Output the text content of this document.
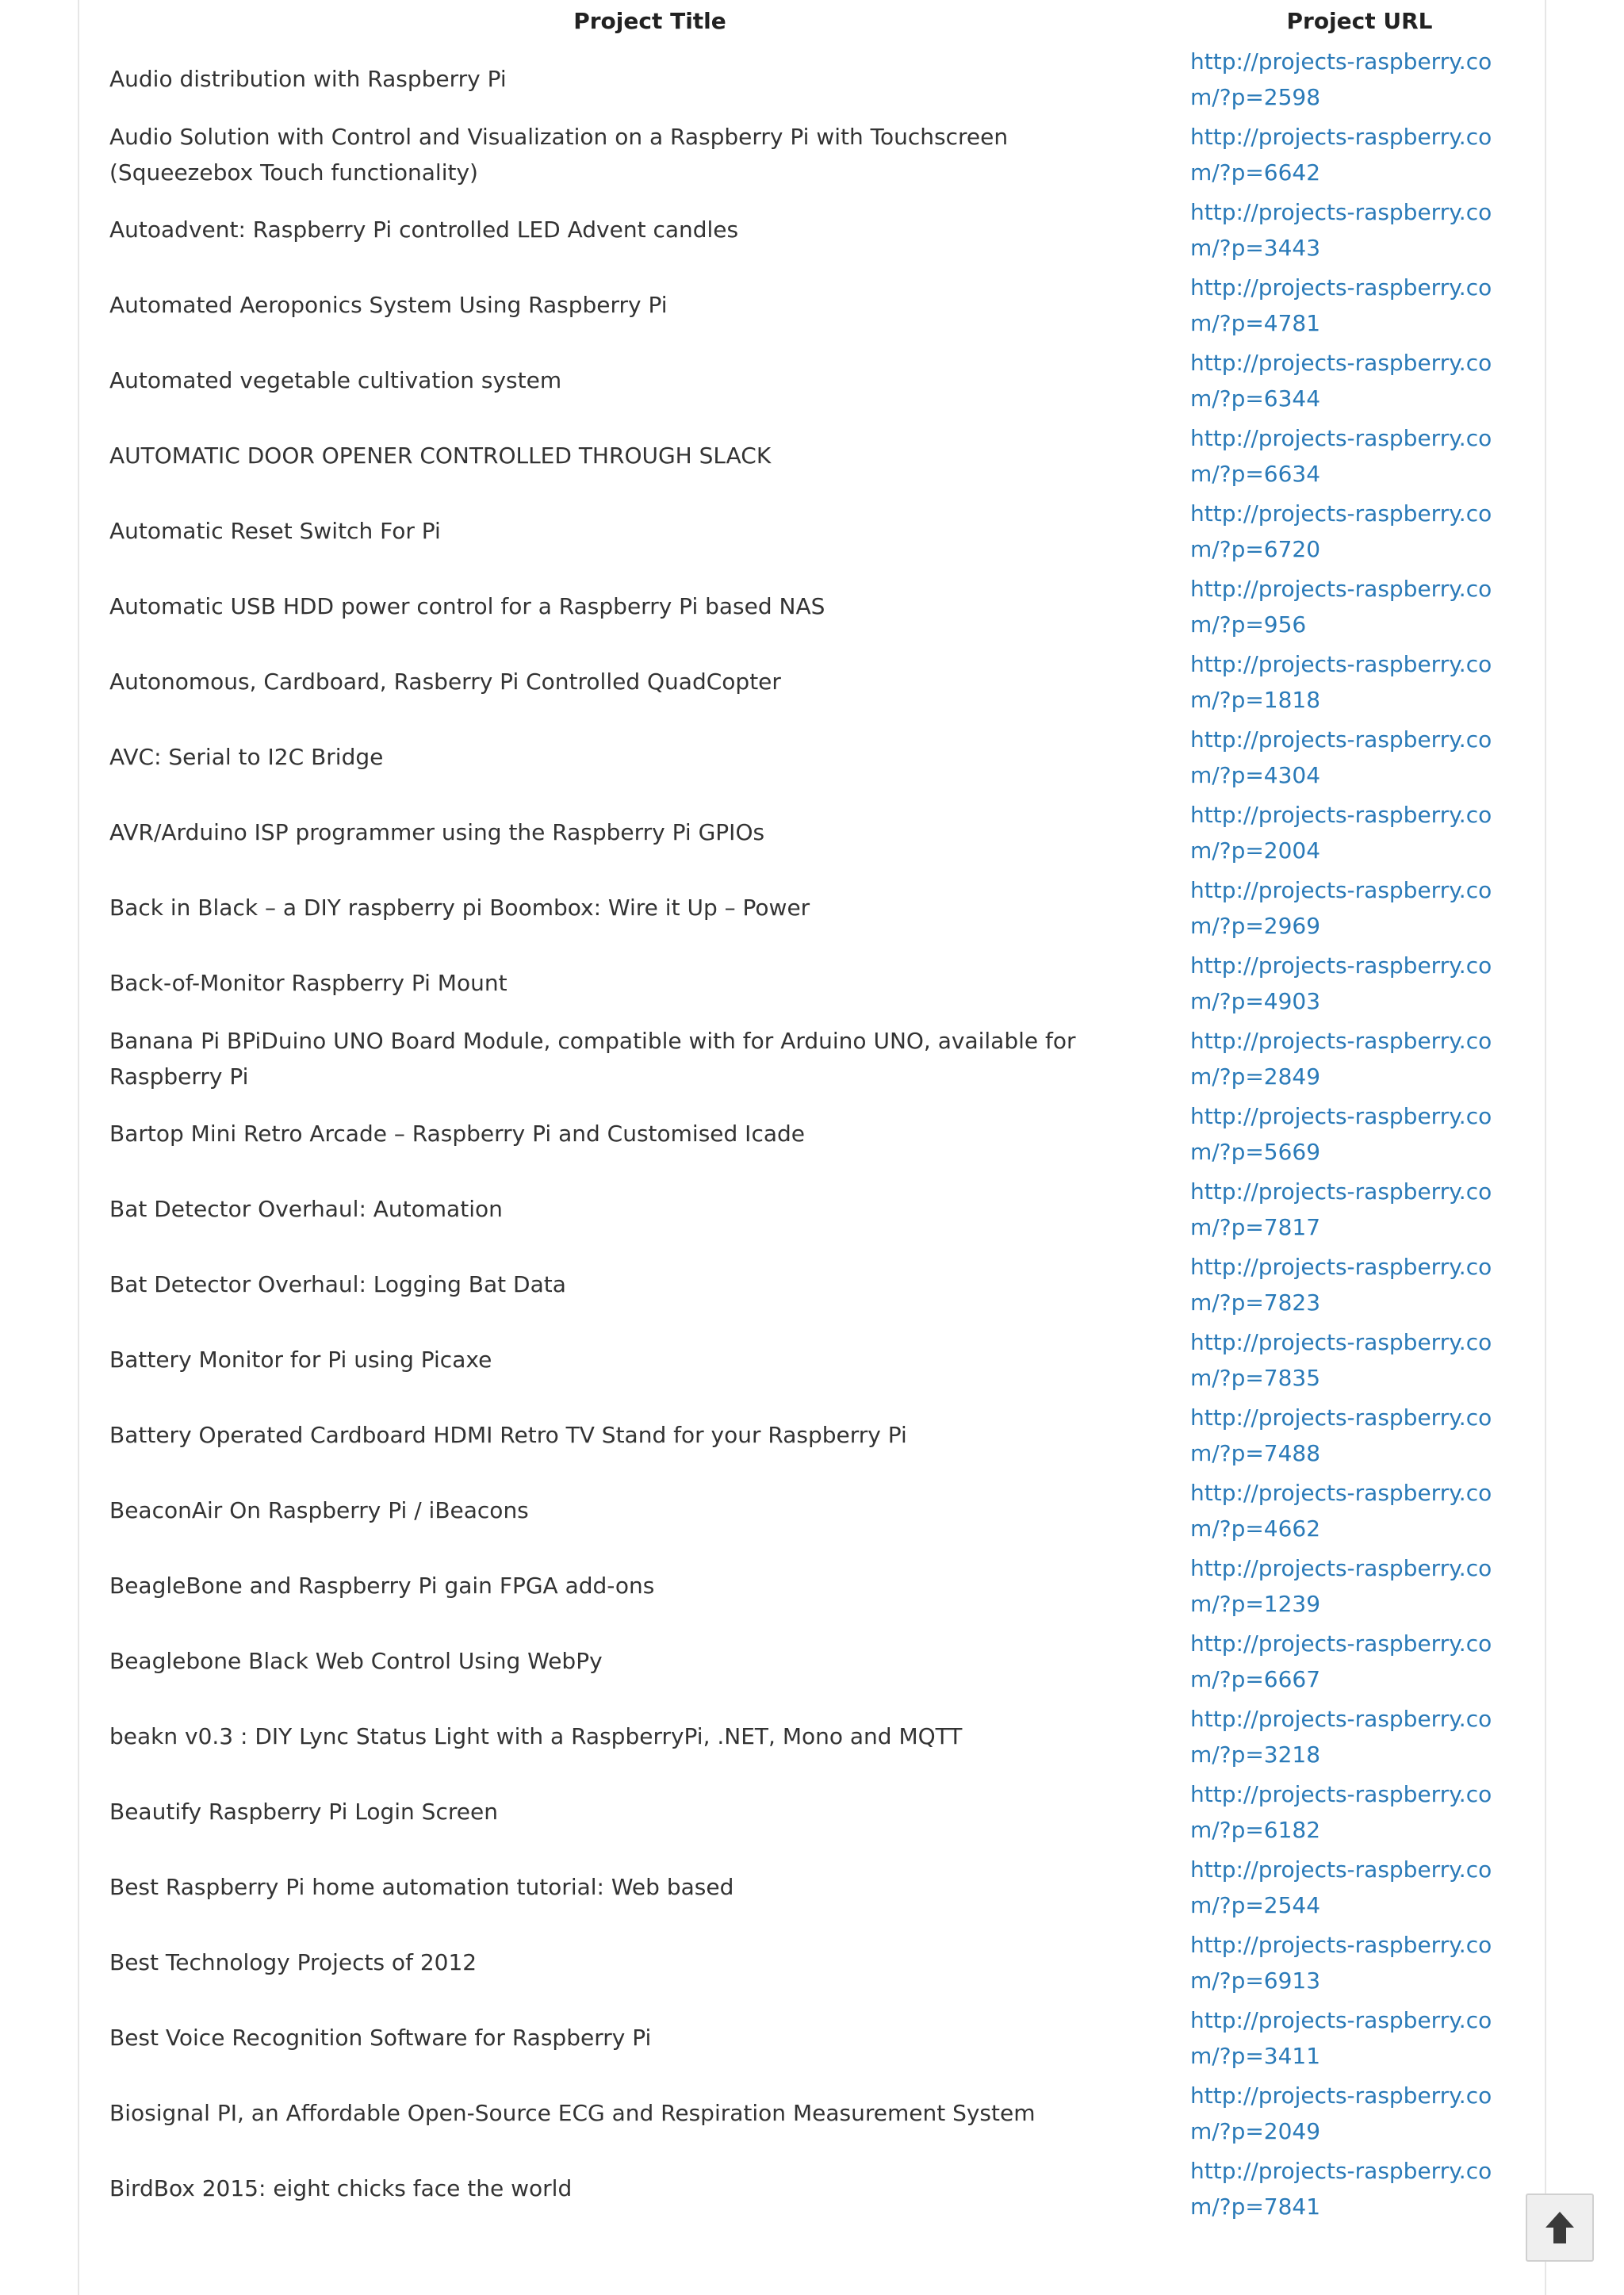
Project Title	Project URL
Audio distribution with Raspberry Pi	http://projects-raspberry.com/?p=2598
Audio Solution with Control and Visualization on a Raspberry Pi with Touchscreen (Squeezebox Touch functionality)	http://projects-raspberry.com/?p=6642
Autoadvent: Raspberry Pi controlled LED Advent candles	http://projects-raspberry.com/?p=3443
Automated Aeroponics System Using Raspberry Pi	http://projects-raspberry.com/?p=4781
Automated vegetable cultivation system	http://projects-raspberry.com/?p=6344
AUTOMATIC DOOR OPENER CONTROLLED THROUGH SLACK	http://projects-raspberry.com/?p=6634
Automatic Reset Switch For Pi	http://projects-raspberry.com/?p=6720
Automatic USB HDD power control for a Raspberry Pi based NAS	http://projects-raspberry.com/?p=956
Autonomous, Cardboard, Rasberry Pi Controlled QuadCopter	http://projects-raspberry.com/?p=1818
AVC: Serial to I2C Bridge	http://projects-raspberry.com/?p=4304
AVR/Arduino ISP programmer using the Raspberry Pi GPIOs	http://projects-raspberry.com/?p=2004
Back in Black – a DIY raspberry pi Boombox: Wire it Up – Power	http://projects-raspberry.com/?p=2969
Back-of-Monitor Raspberry Pi Mount	http://projects-raspberry.com/?p=4903
Banana Pi BPiDuino UNO Board Module, compatible with for Arduino UNO, available for Raspberry Pi	http://projects-raspberry.com/?p=2849
Bartop Mini Retro Arcade – Raspberry Pi and Customised Icade	http://projects-raspberry.com/?p=5669
Bat Detector Overhaul: Automation	http://projects-raspberry.com/?p=7817
Bat Detector Overhaul: Logging Bat Data	http://projects-raspberry.com/?p=7823
Battery Monitor for Pi using Picaxe	http://projects-raspberry.com/?p=7835
Battery Operated Cardboard HDMI Retro TV Stand for your Raspberry Pi	http://projects-raspberry.com/?p=7488
BeaconAir On Raspberry Pi / iBeacons	http://projects-raspberry.com/?p=4662
BeagleBone and Raspberry Pi gain FPGA add-ons	http://projects-raspberry.com/?p=1239
Beaglebone Black Web Control Using WebPy	http://projects-raspberry.com/?p=6667
beakn v0.3 : DIY Lync Status Light with a RaspberryPi, .NET, Mono and MQTT	http://projects-raspberry.com/?p=3218
Beautify Raspberry Pi Login Screen	http://projects-raspberry.com/?p=6182
Best Raspberry Pi home automation tutorial: Web based	http://projects-raspberry.com/?p=2544
Best Technology Projects of 2012	http://projects-raspberry.com/?p=6913
Best Voice Recognition Software for Raspberry Pi	http://projects-raspberry.com/?p=3411
Biosignal PI, an Affordable Open-Source ECG and Respiration Measurement System	http://projects-raspberry.com/?p=2049
BirdBox 2015: eight chicks face the world	http://projects-raspberry.com/?p=7841
